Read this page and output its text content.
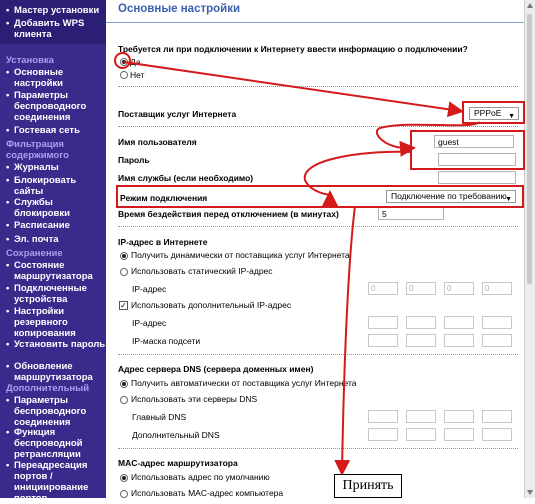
• Мастер установки
• Добавить WPS клиента
Установка
• Основные настройки
• Параметры беспроводного соединения
• Гостевая сеть
Фильтрация содержимого
• Журналы
• Блокировать сайты
• Службы блокировки
• Расписание
• Эл. почта
Сохранение
• Состояние маршрутизатора
• Подключенные устройства
• Настройки резервного копирования
• Установить пароль
• Обновление маршрутизатора
Дополнительный
• Параметры беспроводного соединения
• Функция беспроводной ретрансляции
• Переадресация портов / инициирование портов
Основные настройки
Требуется ли при подключении к Интернету ввести информацию о подключении?
Да
Нет
Поставщик услуг Интернета	PPPoE ▼
Имя пользователя	guest
Пароль
Имя службы (если необходимо)
Режим подключения	Подключение по требованию
▼
Время бездействия перед отключением (в минутах)	5
IP-адрес в Интернете
Получить динамически от поставщика услуг Интернета
Использовать статический IP-адрес
IP-адрес	0	0	0	0
✓ Использовать дополнительный IP-адрес
IP-адрес
IP-маска подсети
Адрес сервера DNS (сервера доменных имен)
Получить автоматически от поставщика услуг Интернета
Использовать эти серверы DNS
Главный DNS
Дополнительный DNS
MAC-адрес маршрутизатора
Использовать адрес по умолчанию
Использовать MAC-адрес компьютера	Принять
